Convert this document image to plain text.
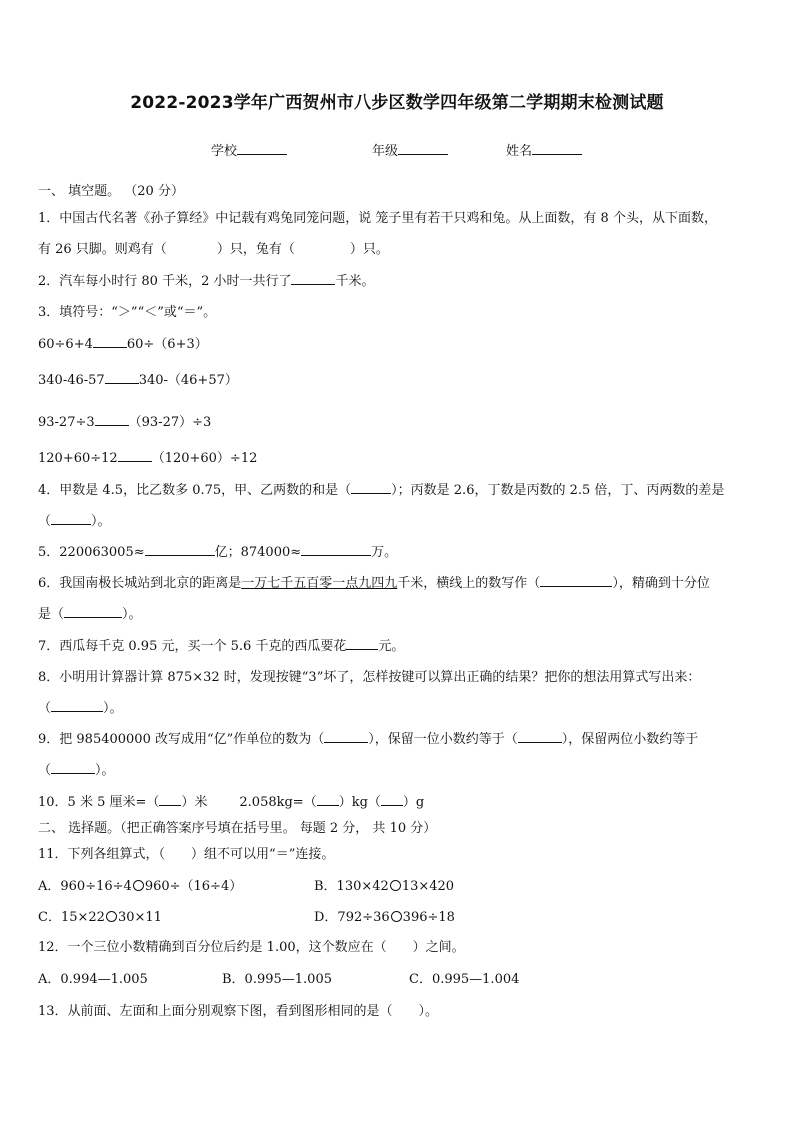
2022-2023学年广西贺州市八步区数学四年级第二学期期末检测试题
学校	年级	姓名
一、 填空题。 （20 分）
1．中国古代名著《孙子算经》中记载有鸡兔同笼问题，说 笼子里有若干只鸡和兔。从上面数，有 8 个头，从下面数，
有 26 只脚。则鸡有（	）只，兔有（	）只。
2．汽车每小时行 80 千米，2 小时一共行了	千米。
3．填符号：“＞”“＜”或“＝”。
60÷6+4	60÷（6+3）
340-46-57	340-（46+57）
93-27÷3	（93-27）÷3
120+60÷12	（120+60）÷12
4．甲数是 4.5，比乙数多 0.75，甲、乙两数的和是（	）；丙数是 2.6，丁数是丙数的 2.5 倍，丁、丙两数的差是
（	）。
5．220063005≈	亿；874000≈	万。
6．我国南极长城站到北京的距离是一万七千五百零一点九四九千米，横线上的数写作（	），精确到十分位
是（	）。
7．西瓜每千克 0.95 元，买一个 5.6 千克的西瓜要花 元。
8．小明用计算器计算 875×32 时，发现按键“3”坏了，怎样按键可以算出正确的结果？把你的想法用算式写出来：
（	）。
9．把 985400000 改写成用“亿”作单位的数为（	），保留一位小数约等于（	），保留两位小数约等于
（	）。
10．5 米 5 厘米=（ ）米 2.058kg=（ ）kg（ ）g
二、 选择题。（把正确答案序号填在括号里。 每题 2 分， 共 10 分）
11．下列各组算式，（　　）组不可以用“＝”连接。
A．960÷16÷4 960÷（16÷4）	B．130×42 13×420
C．15×22 30×11	D．792÷36 396÷18
12．一个三位小数精确到百分位后约是 1.00，这个数应在（　　）之间。
A．0.994—1.005	B．0.995—1.005	C．0.995—1.004
13．从前面、左面和上面分别观察下图，看到图形相同的是（　　）。
